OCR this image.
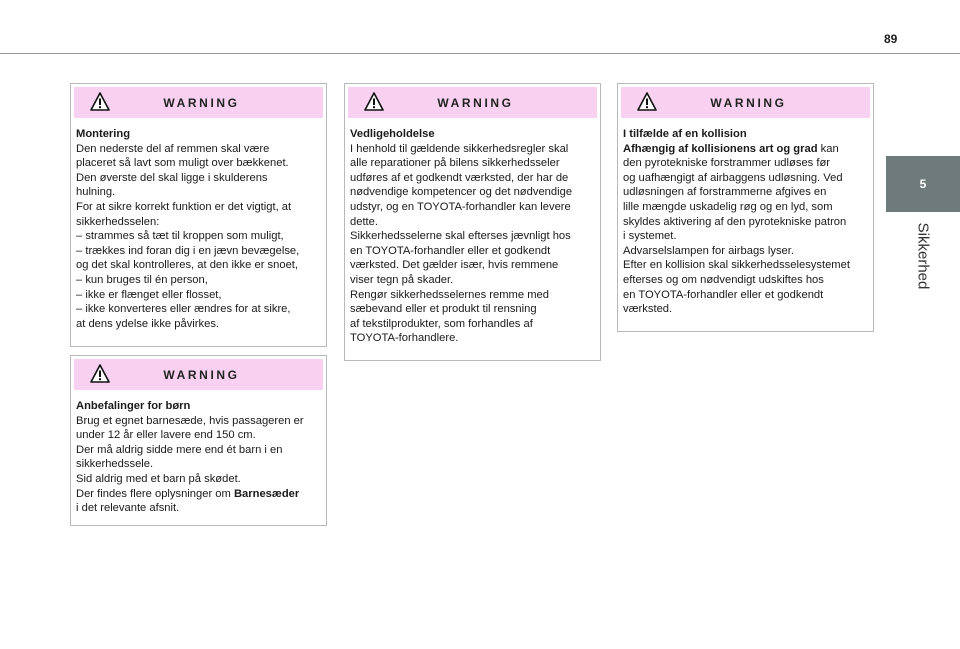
89
5
Sikkerhed
WARNING

Montering

Den nederste del af remmen skal være

placeret så lavt som muligt over bækkenet.

Den øverste del skal ligge i skulderens

hulning.

For at sikre korrekt funktion er det vigtigt, at

sikkerhedsselen:

– strammes så tæt til kroppen som muligt,

– trækkes ind foran dig i en jævn bevægelse,

og det skal kontrolleres, at den ikke er snoet,

– kun bruges til én person,

– ikke er flænget eller flosset,

– ikke konverteres eller ændres for at sikre,

at dens ydelse ikke påvirkes.

WARNING

Anbefalinger for børn

Brug et egnet barnesæde, hvis passageren er

under 12 år eller lavere end 150 cm.

Der må aldrig sidde mere end ét barn i en

sikkerhedssele.

Sid aldrig med et barn på skødet.

Der findes flere oplysninger om Barnesæder

i det relevante afsnit.

WARNING

Vedligeholdelse

I henhold til gældende sikkerhedsregler skal

alle reparationer på bilens sikkerhedsseler

udføres af et godkendt værksted, der har de

nødvendige kompetencer og det nødvendige

udstyr, og en TOYOTA-forhandler kan levere

dette.

Sikkerhedsselerne skal efterses jævnligt hos

en TOYOTA-forhandler eller et godkendt

værksted. Det gælder især, hvis remmene

viser tegn på skader.

Rengør sikkerhedsselernes remme med

sæbevand eller et produkt til rensning

af tekstilprodukter, som forhandles af

TOYOTA-forhandlere.

WARNING

I tilfælde af en kollision

Afhængig af kollisionens art og grad kan

den pyrotekniske forstrammer udløses før

og uafhængigt af airbaggens udløsning. Ved

udløsningen af forstrammerne afgives en

lille mængde uskadelig røg og en lyd, som

skyldes aktivering af den pyrotekniske patron

i systemet.

Advarselslampen for airbags lyser.

Efter en kollision skal sikkerhedsselesystemet

efterses og om nødvendigt udskiftes hos

en TOYOTA-forhandler eller et godkendt

værksted.
